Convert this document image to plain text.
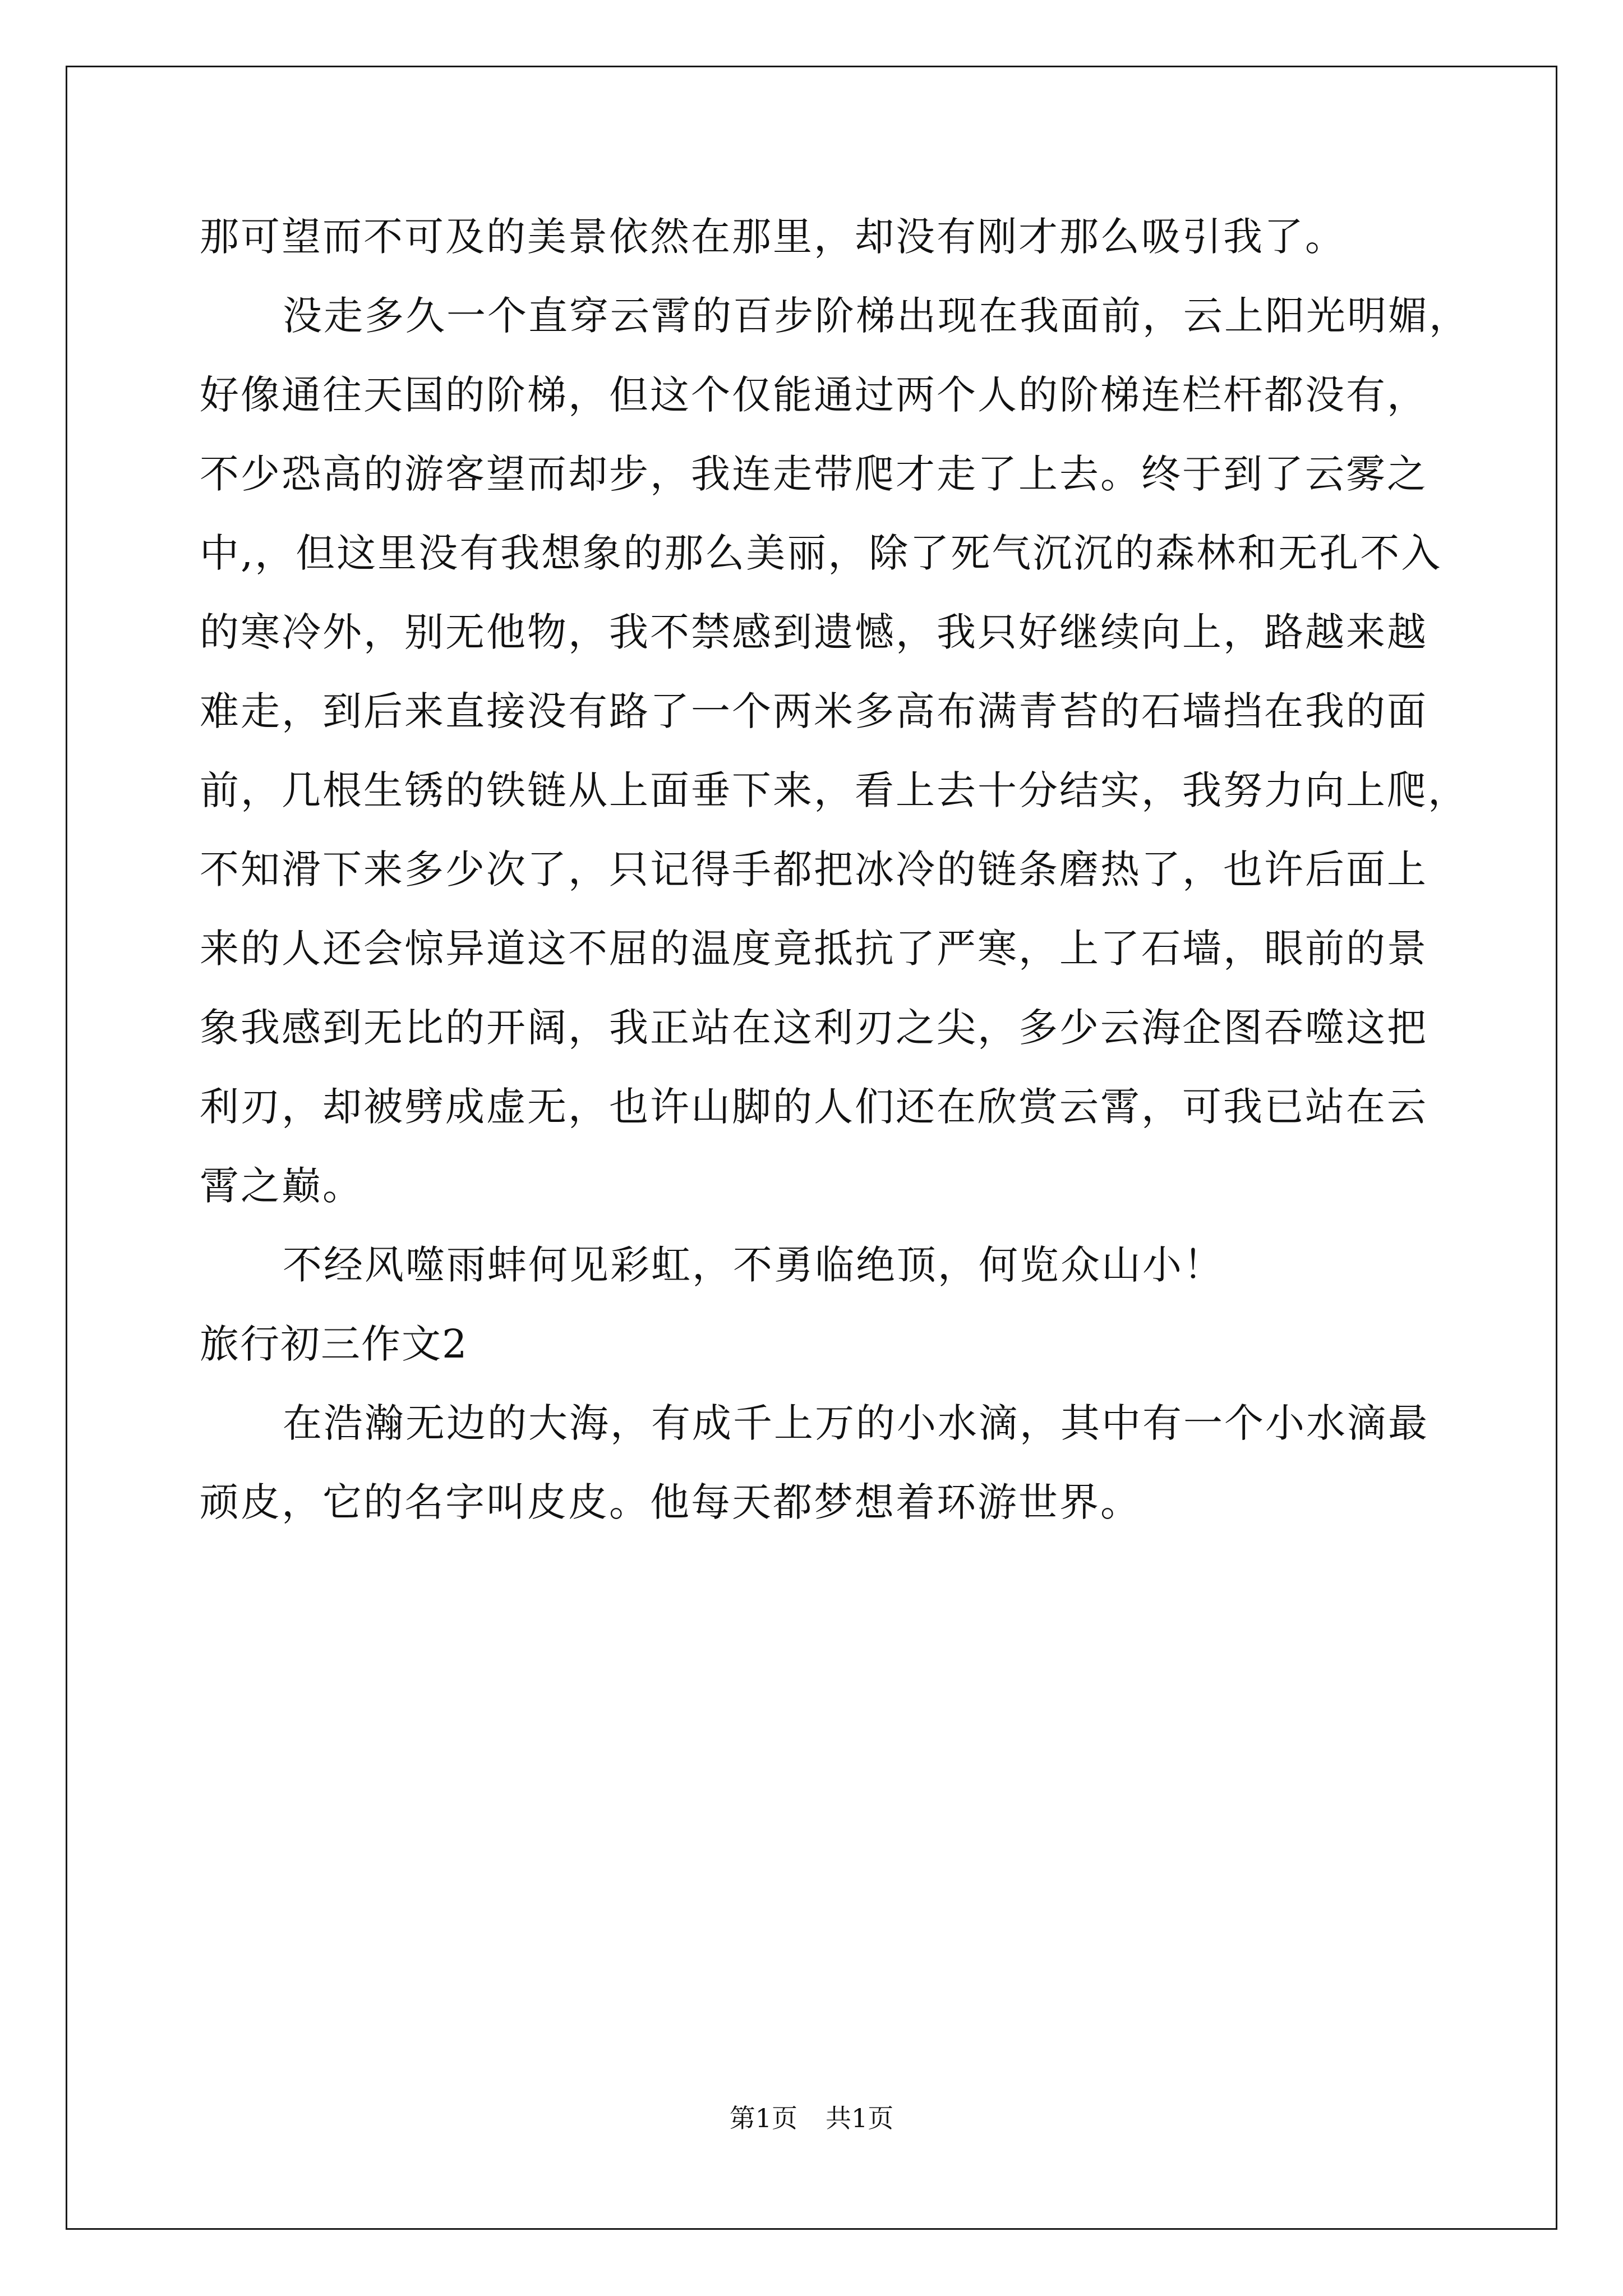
那可望而不可及的美景依然在那里，却没有刚才那么吸引我了。
没走多久一个直穿云霄的百步阶梯出现在我面前，云上阳光明媚，
好像通往天国的阶梯，但这个仅能通过两个人的阶梯连栏杆都没有，
不少恐高的游客望而却步，我连走带爬才走了上去。终于到了云雾之
中,，但这里没有我想象的那么美丽，除了死气沉沉的森林和无孔不入
的寒冷外，别无他物，我不禁感到遗憾，我只好继续向上，路越来越
难走，到后来直接没有路了一个两米多高布满青苔的石墙挡在我的面
前，几根生锈的铁链从上面垂下来，看上去十分结实，我努力向上爬，
不知滑下来多少次了，只记得手都把冰冷的链条磨热了，也许后面上
来的人还会惊异道这不屈的温度竟抵抗了严寒，上了石墙，眼前的景
象我感到无比的开阔，我正站在这利刃之尖，多少云海企图吞噬这把
利刃，却被劈成虚无，也许山脚的人们还在欣赏云霄，可我已站在云
霄之巅。
不经风噬雨蚌何见彩虹，不勇临绝顶，何览众山小！
旅行初三作文2
在浩瀚无边的大海，有成千上万的小水滴，其中有一个小水滴最
顽皮，它的名字叫皮皮。他每天都梦想着环游世界。
第1页 共1页
